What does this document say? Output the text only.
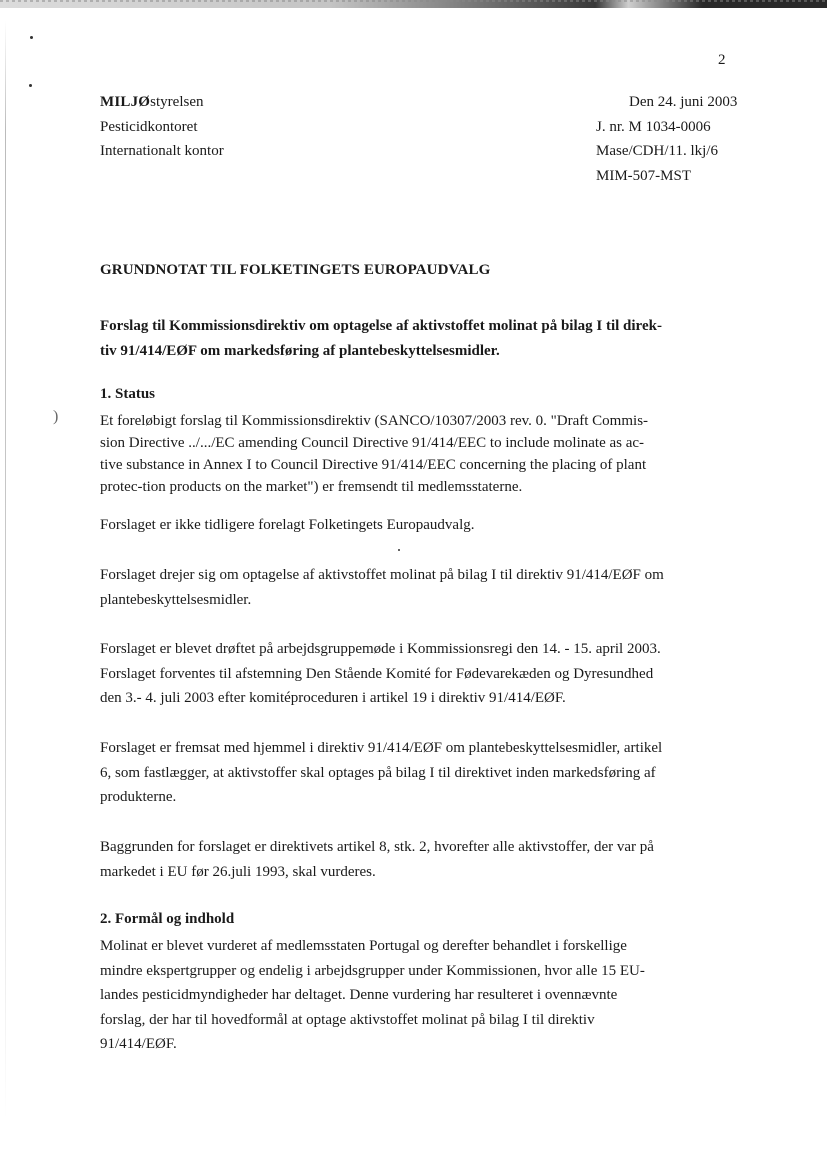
)
2
MILJØstyrelsen
Pesticidkontoret
Internationalt kontor
Den 24. juni 2003
J. nr. M 1034-0006
Mase/CDH/11. lkj/6
MIM-507-MST
GRUNDNOTAT TIL FOLKETINGETS EUROPAUDVALG
Forslag til Kommissionsdirektiv om optagelse af aktivstoffet molinat på bilag I til direk-
tiv 91/414/EØF om markedsføring af plantebeskyttelsesmidler.
1. Status
Et foreløbigt forslag til Kommissionsdirektiv (SANCO/10307/2003 rev. 0. "Draft Commis-
sion Directive ../.../EC amending Council Directive 91/414/EEC to include molinate as ac-
tive substance in Annex I to Council Directive 91/414/EEC concerning the placing of plant
protec-tion products on the market") er fremsendt til medlemsstaterne.
Forslaget er ikke tidligere forelagt Folketingets Europaudvalg.
Forslaget drejer sig om optagelse af aktivstoffet molinat på bilag I til direktiv 91/414/EØF om
plantebeskyttelsesmidler.
Forslaget er blevet drøftet på arbejdsgruppemøde i Kommissionsregi den 14. - 15. april 2003.
Forslaget forventes til afstemning Den Stående Komité for Fødevarekæden og Dyresundhed
den 3.- 4. juli 2003 efter komitéproceduren i artikel 19 i direktiv 91/414/EØF.
Forslaget er fremsat med hjemmel i direktiv 91/414/EØF om plantebeskyttelsesmidler, artikel
6, som fastlægger, at aktivstoffer skal optages på bilag I til direktivet inden markedsføring af
produkterne.
Baggrunden for forslaget er direktivets artikel 8, stk. 2, hvorefter alle aktivstoffer, der var på
markedet i EU før 26.juli 1993, skal vurderes.
2. Formål og indhold
Molinat er blevet vurderet af medlemsstaten Portugal og derefter behandlet i forskellige
mindre ekspertgrupper og endelig i arbejdsgrupper under Kommissionen, hvor alle 15 EU-
landes pesticidmyndigheder har deltaget. Denne vurdering har resulteret i ovennævnte
forslag, der har til hovedformål at optage aktivstoffet molinat på bilag I til direktiv
91/414/EØF.
